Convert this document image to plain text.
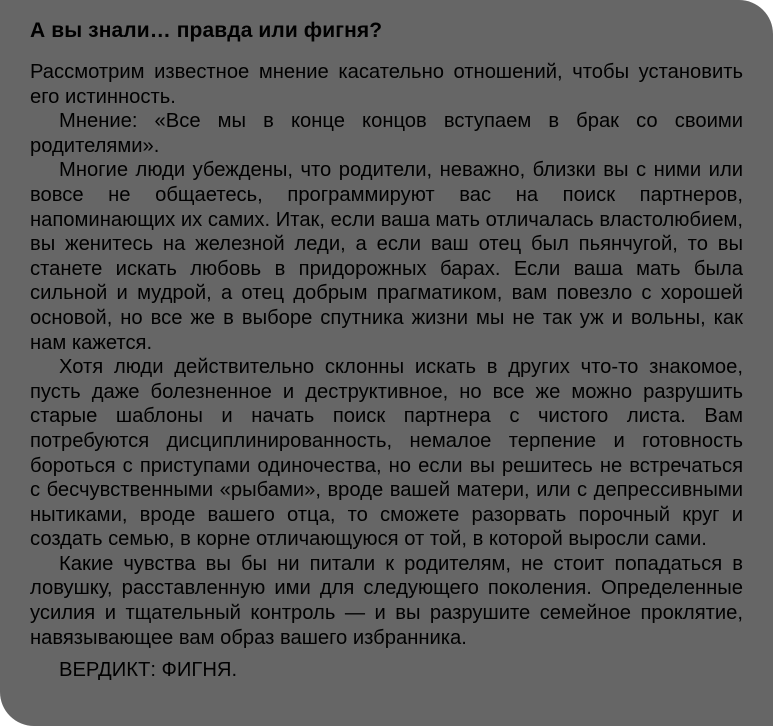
А вы знали… правда или фигня?

Рассмотрим известное мнение касательно отношений, чтобы установить его истинность.

Мнение: «Все мы в конце концов вступаем в брак со своими родителями».

Многие люди убеждены, что родители, неважно, близки вы с ними или вовсе не общаетесь, программируют вас на поиск партнеров, напоминающих их самих. Итак, если ваша мать отличалась властолюбием, вы женитесь на железной леди, а если ваш отец был пьянчугой, то вы станете искать любовь в придорожных барах. Если ваша мать была сильной и мудрой, а отец добрым прагматиком, вам повезло с хорошей основой, но все же в выборе спутника жизни мы не так уж и вольны, как нам кажется.

Хотя люди действительно склонны искать в других что-то знакомое, пусть даже болезненное и деструктивное, но все же можно разрушить старые шаблоны и начать поиск партнера с чистого листа. Вам потребуются дисциплинированность, немалое терпение и готовность бороться с приступами одиночества, но если вы решитесь не встречаться с бесчувственными «рыбами», вроде вашей матери, или с депрессивными нытиками, вроде вашего отца, то сможете разорвать порочный круг и создать семью, в корне отличающуюся от той, в которой выросли сами.

Какие чувства вы бы ни питали к родителям, не стоит попадаться в ловушку, расставленную ими для следующего поколения. Определенные усилия и тщательный контроль — и вы разрушите семейное проклятие, навязывающее вам образ вашего избранника.

ВЕРДИКТ: ФИГНЯ.
